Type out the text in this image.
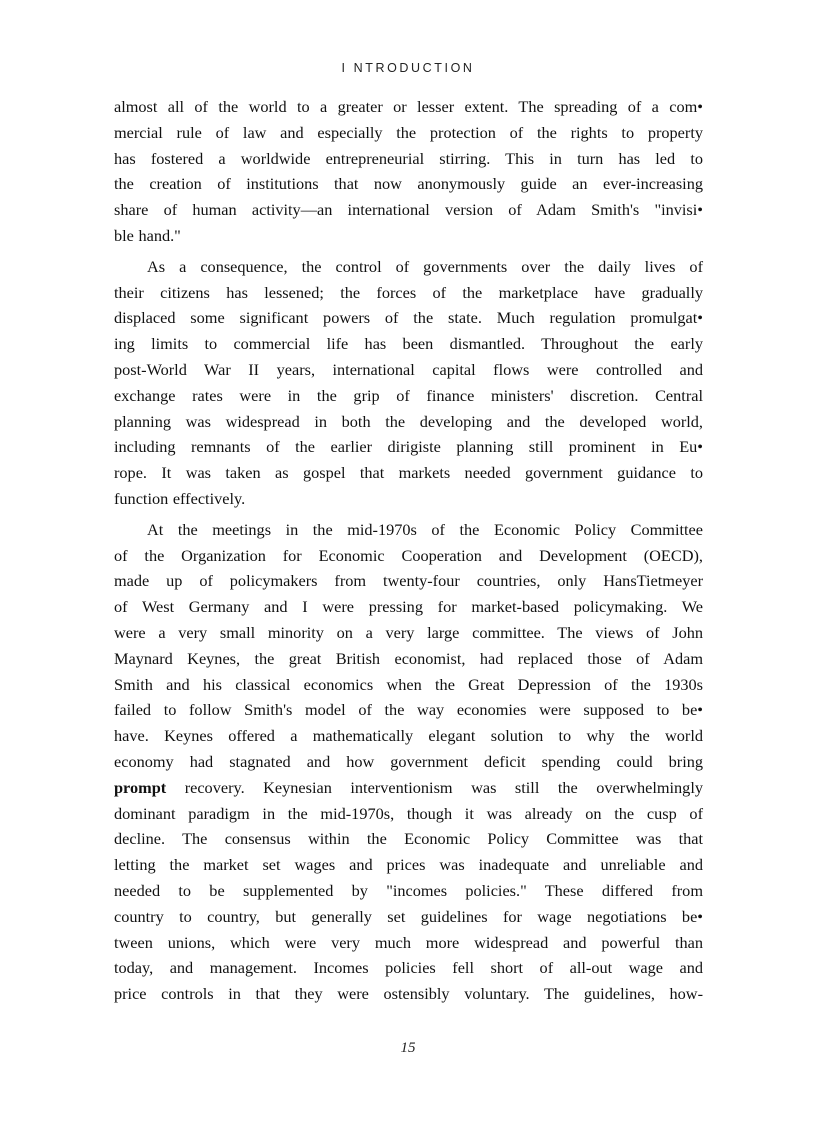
I NTRODUCTION

almost all of the world to a greater or lesser extent. The spreading of a com•
mercial rule of law and especially the protection of the rights to property
has fostered a worldwide entrepreneurial stirring. This in turn has led to
the creation of institutions that now anonymously guide an ever-increasing
share of human activity—an international version of Adam Smith's "invisi•
ble hand."

As a consequence, the control of governments over the daily lives of
their citizens has lessened; the forces of the marketplace have gradually
displaced some significant powers of the state. Much regulation promulgat•
ing limits to commercial life has been dismantled. Throughout the early
post-World War II years, international capital flows were controlled and
exchange rates were in the grip of finance ministers' discretion. Central
planning was widespread in both the developing and the developed world,
including remnants of the earlier dirigiste planning still prominent in Eu•
rope. It was taken as gospel that markets needed government guidance to
function effectively.

At the meetings in the mid-1970s of the Economic Policy Committee
of the Organization for Economic Cooperation and Development (OECD),
made up of policymakers from twenty-four countries, only HansTietmeyer
of West Germany and I were pressing for market-based policymaking. We
were a very small minority on a very large committee. The views of John
Maynard Keynes, the great British economist, had replaced those of Adam
Smith and his classical economics when the Great Depression of the 1930s
failed to follow Smith's model of the way economies were supposed to be•
have. Keynes offered a mathematically elegant solution to why the world
economy had stagnated and how government deficit spending could bring
prompt recovery. Keynesian interventionism was still the overwhelmingly
dominant paradigm in the mid-1970s, though it was already on the cusp of
decline. The consensus within the Economic Policy Committee was that
letting the market set wages and prices was inadequate and unreliable and
needed to be supplemented by "incomes policies." These differed from
country to country, but generally set guidelines for wage negotiations be•
tween unions, which were very much more widespread and powerful than
today, and management. Incomes policies fell short of all-out wage and
price controls in that they were ostensibly voluntary. The guidelines, how-

15
